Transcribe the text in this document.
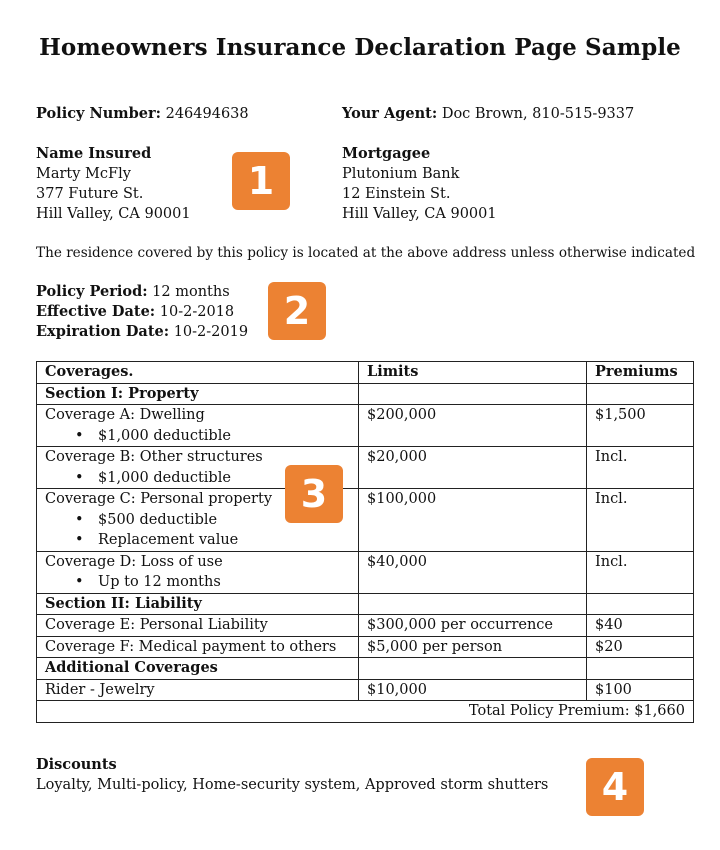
Homeowners Insurance Declaration Page Sample
Policy Number: 246494638	Your Agent: Doc Brown, 810-515-9337
Name Insured
Marty McFly
377 Future St.
Hill Valley, CA 90001
1
Mortgagee
Plutonium Bank
12 Einstein St.
Hill Valley, CA 90001
The residence covered by this policy is located at the above address unless otherwise indicated
Policy Period: 12 months
Effective Date: 10-2-2018
Expiration Date: 10-2-2019 2
Coverages.	Limits	Premiums
Section I: Property		

Coverage A: Dwelling
• $1,000 deductible	$200,000	$1,500

Coverage B: Other structures
• $1,000 deductible	$20,000	Incl.

Coverage C: Personal property
• $500 deductible
• Replacement value	$100,000	Incl.

Coverage D: Loss of use
• Up to 12 months	$40,000	Incl.
Section II: Liability		
Coverage E: Personal Liability	$300,000 per occurrence	$40
Coverage F: Medical payment to others	$5,000 per person	$20
Additional Coverages		
Rider - Jewelry	$10,000	$100
Total Policy Premium: $1,660		
3
Discounts
Loyalty, Multi-policy, Home-security system, Approved storm shutters	4
